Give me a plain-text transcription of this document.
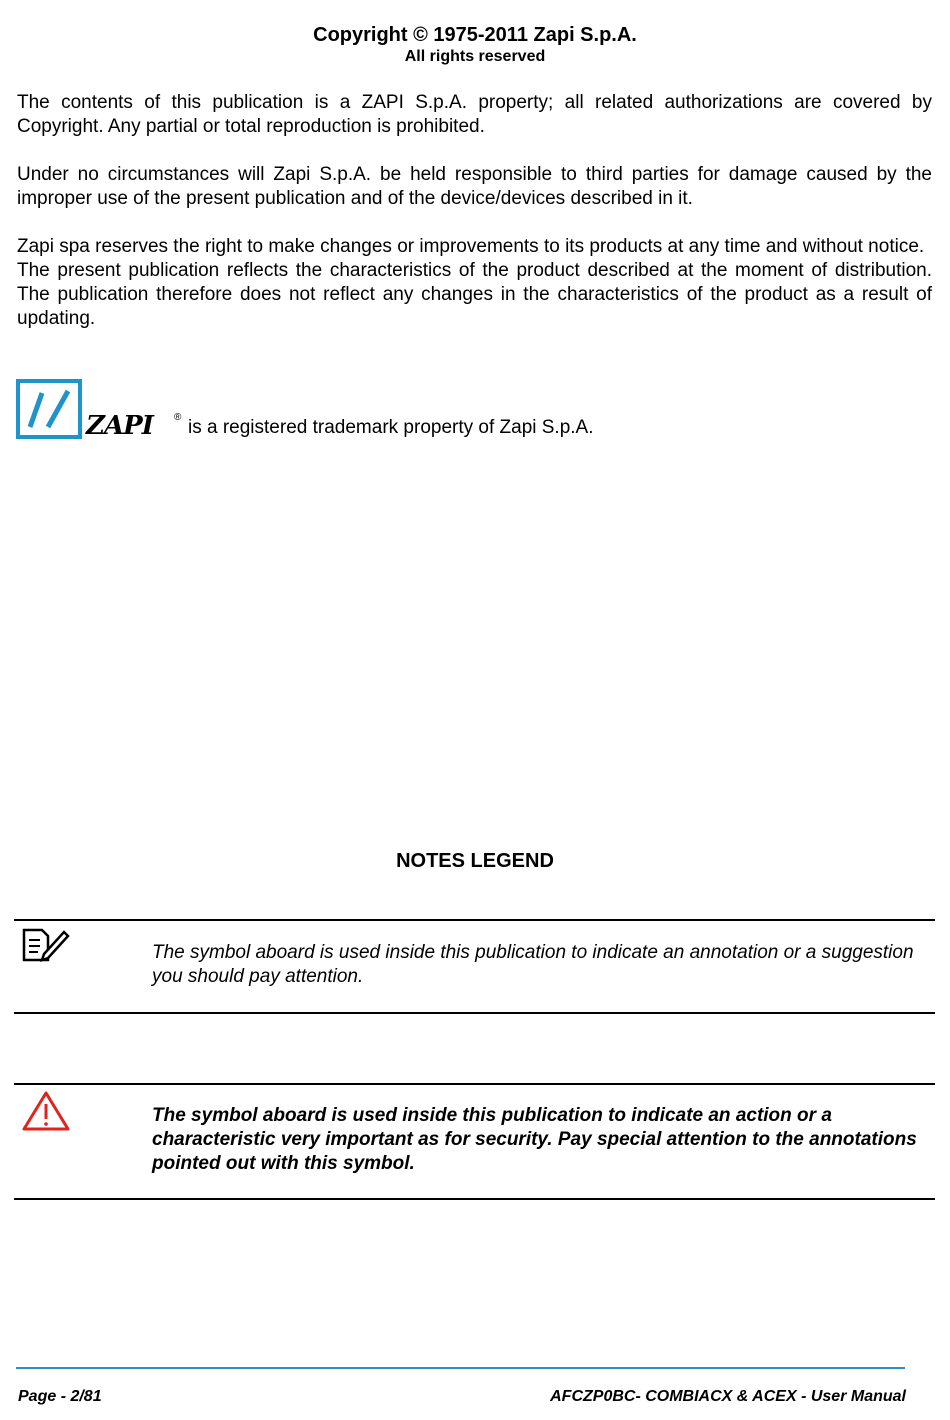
Copyright © 1975-2011 Zapi S.p.A.
All rights reserved

The contents of this publication is a ZAPI S.p.A. property; all related authorizations are covered by Copyright. Any partial or total reproduction is prohibited.

Under no circumstances will Zapi S.p.A. be held responsible to third parties for damage caused by the improper use of the present publication and of the device/devices described in it.

Zapi spa reserves the right to make changes or improvements to its products at any time and without notice.

The present publication reflects the characteristics of the product described at the moment of distribution. The publication therefore does not reflect any changes in the characteristics of the product as a result of updating.

ZAPI ® is a registered trademark property of Zapi S.p.A.
NOTES LEGEND
The symbol aboard is used inside this publication to indicate an annotation or a suggestion you should pay attention.
The symbol aboard is used inside this publication to indicate an action or a characteristic very important as for security. Pay special attention to the annotations pointed out with this symbol.
Page - 2/81	AFCZP0BC- COMBIACX & ACEX - User Manual
